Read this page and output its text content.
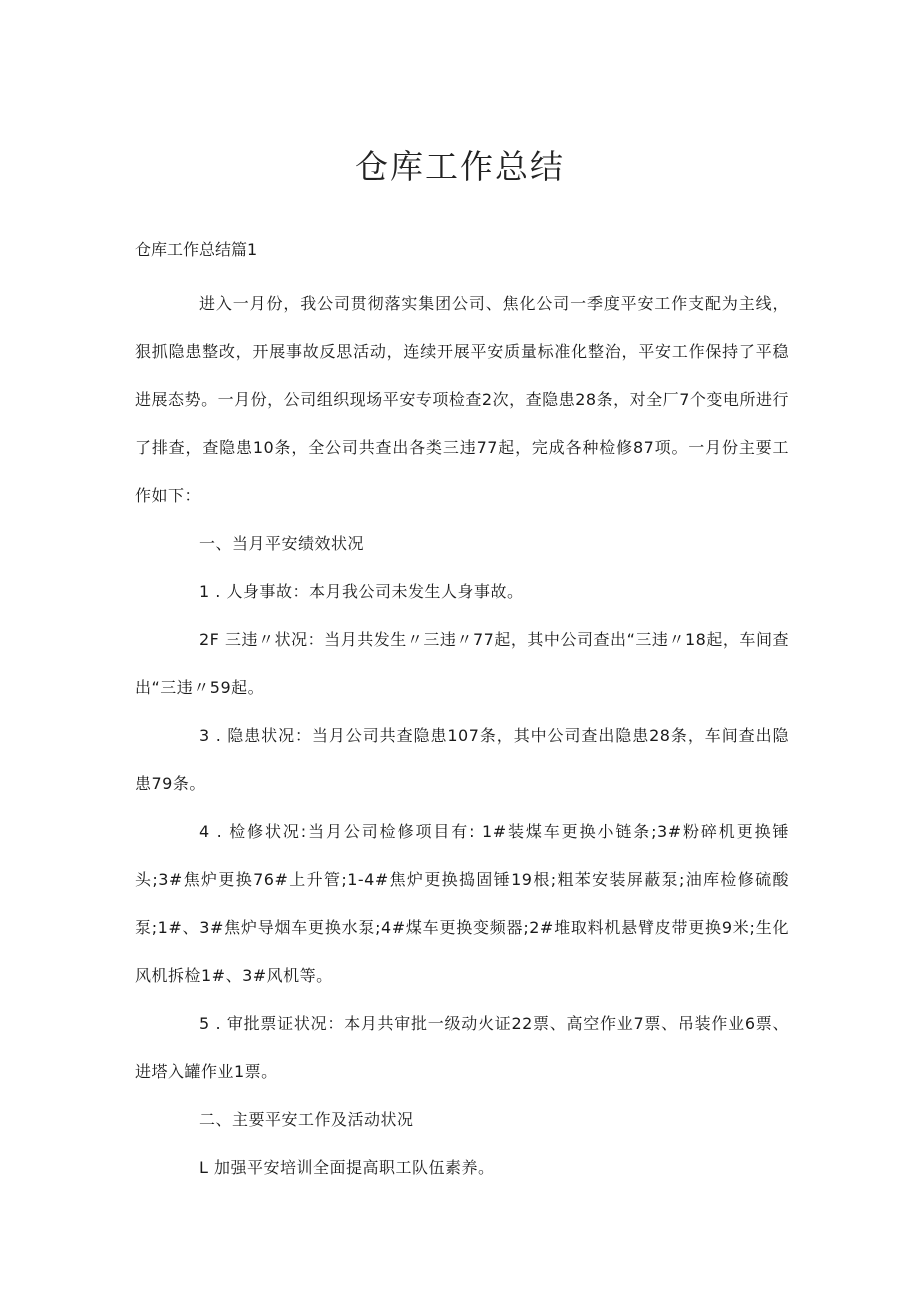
仓库工作总结
仓库工作总结篇1

进入一月份，我公司贯彻落实集团公司、焦化公司一季度平安工作支配为主线，狠抓隐患整改，开展事故反思活动，连续开展平安质量标准化整治，平安工作保持了平稳进展态势。一月份，公司组织现场平安专项检查2次，查隐患28条，对全厂7个变电所进行了排查，查隐患10条，全公司共查出各类三违77起，完成各种检修87项。一月份主要工作如下：

一、当月平安绩效状况

1 . 人身事故：本月我公司未发生人身事故。

2F 三违〃状况：当月共发生〃三违〃77起，其中公司查出“三违〃18起，车间查出“三违〃59起。

3 . 隐患状况：当月公司共查隐患107条，其中公司查出隐患28条，车间查出隐患79条。

4 . 检修状况:当月公司检修项目有: 1#装煤车更换小链条;3#粉碎机更换锤头;3#焦炉更换76#上升管;1-4#焦炉更换捣固锤19根;粗苯安装屏蔽泵;油库检修硫酸泵;1#、3#焦炉导烟车更换水泵;4#煤车更换变频器;2#堆取料机悬臂皮带更换9米;生化风机拆检1#、3#风机等。

5 . 审批票证状况：本月共审批一级动火证22票、高空作业7票、吊装作业6票、进塔入罐作业1票。

二、主要平安工作及活动状况

L 加强平安培训全面提高职工队伍素养。
